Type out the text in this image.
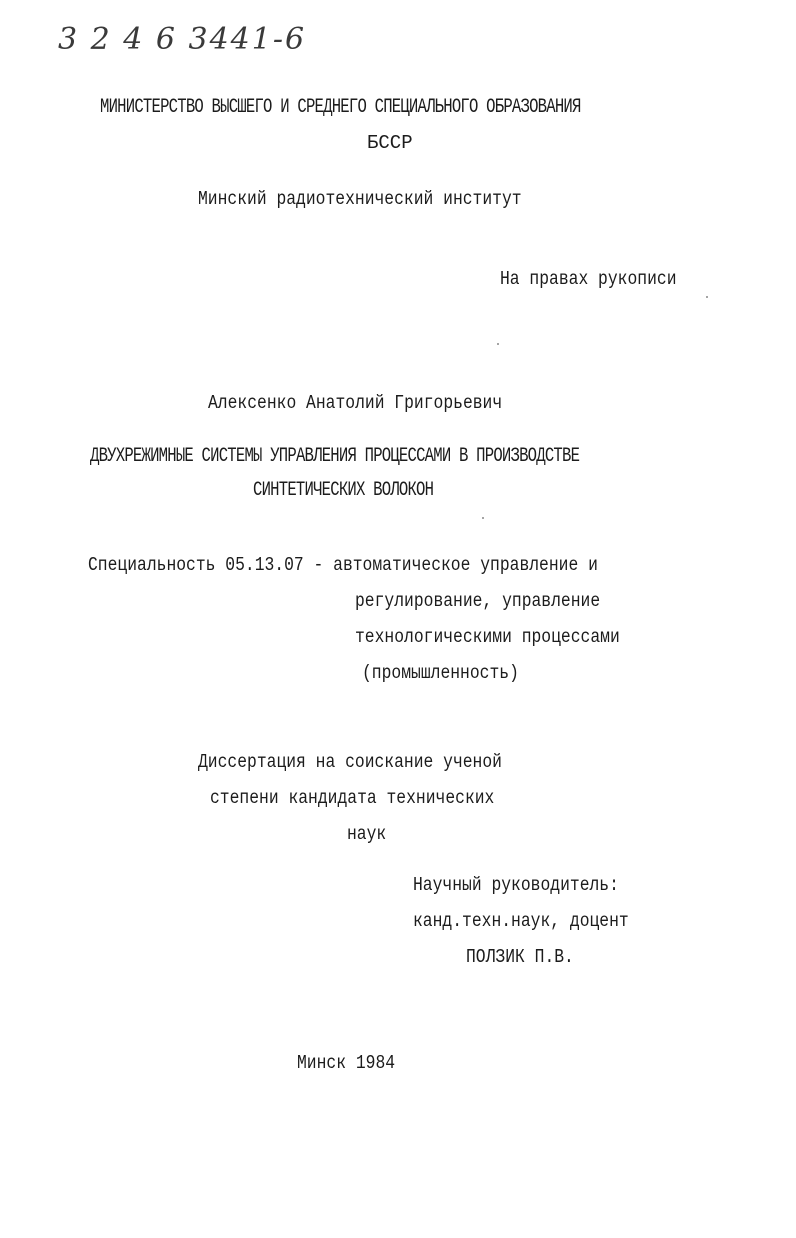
3 2 4 6 3441-6
МИНИСТЕРСТВО ВЫСШЕГО И СРЕДНЕГО СПЕЦИАЛЬНОГО ОБРАЗОВАНИЯ
БССР
Минский радиотехнический институт
На правах рукописи
Алексенко Анатолий Григорьевич
ДВУХРЕЖИМНЫЕ СИСТЕМЫ УПРАВЛЕНИЯ ПРОЦЕССАМИ В ПРОИЗВОДСТВЕ
СИНТЕТИЧЕСКИХ ВОЛОКОН
Специальность 05.13.07 - автоматическое управление и
регулирование, управление
технологическими процессами
(промышленность)
Диссертация на соискание ученой
степени кандидата технических
наук
Научный руководитель:
канд.техн.наук, доцент
ПОЛЗИК П.В.
Минск 1984
